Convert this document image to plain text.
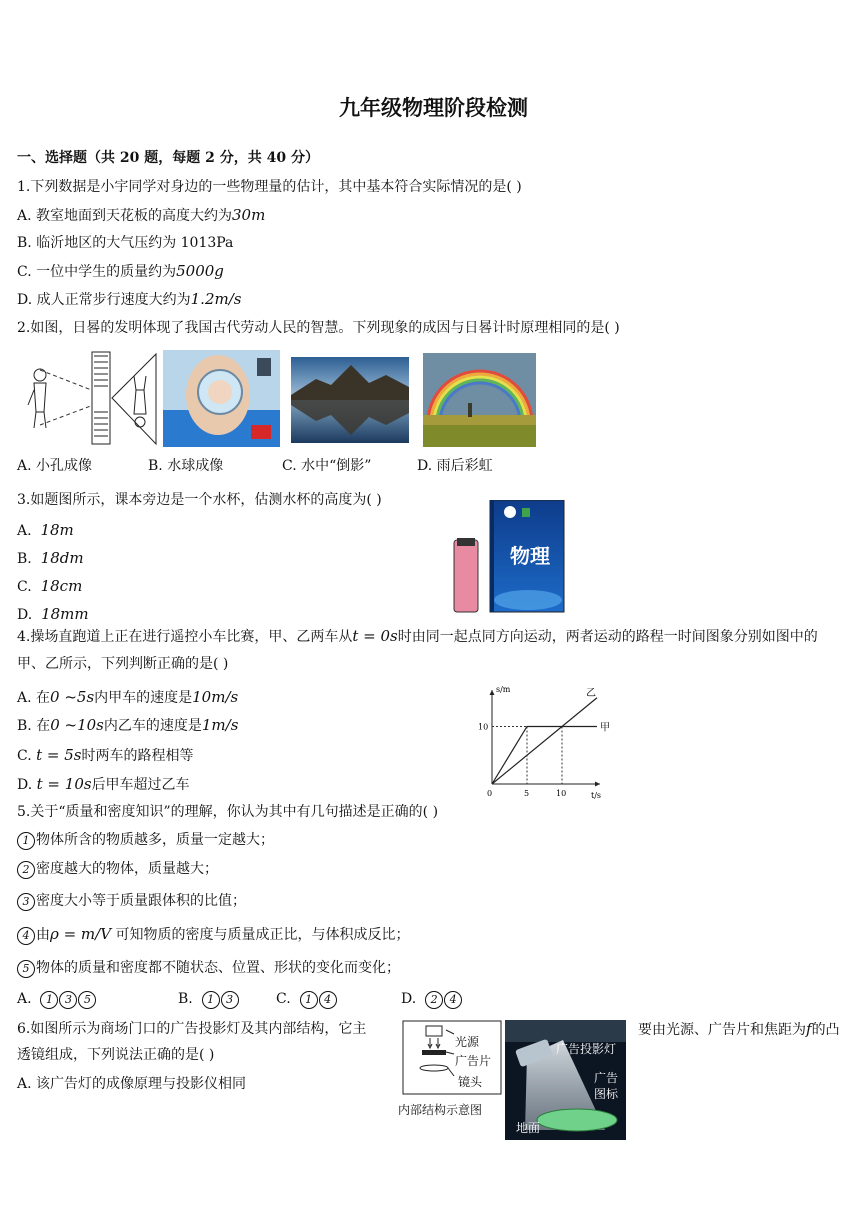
九年级物理阶段检测
一、选择题（共 20 题，每题 2 分，共 40 分）
1.下列数据是小宇同学对身边的一些物理量的估计，其中基本符合实际情况的是( )
A. 教室地面到天花板的高度大约为30m
B. 临沂地区的大气压约为 1013Pa
C. 一位中学生的质量约为5000g
D. 成人正常步行速度大约为1.2m/s
2.如图，日晷的发明体现了我国古代劳动人民的智慧。下列现象的成因与日晷计时原理相同的是( )
A. 小孔成像	B. 水球成像	C. 水中“倒影”	D. 雨后彩虹
3.如题图所示，课本旁边是一个水杯，估测水杯的高度为( )
A. 18m
B. 18dm
C. 18cm
D. 18mm
物理
4.操场直跑道上正在进行遥控小车比赛，甲、乙两车从t = 0s时由同一起点同方向运动，两者运动的路程一时间图象分别如图中的
甲、乙所示，下列判断正确的是( )
A. 在0 ~5s内甲车的速度是10m/s
B. 在0 ~10s内乙车的速度是1m/s
C. t = 5s时两车的路程相等
D. t = 10s后甲车超过乙车
甲
乙
0	5	10
10
t/s
s/m
5.关于“质量和密度知识”的理解，你认为其中有几句描述是正确的( )
1 物体所含的物质越多，质量一定越大；
2 密度越大的物体，质量越大；
3 密度大小等于质量跟体积的比值；
4 由ρ = m/V 可知物质的密度与质量成正比，与体积成反比；
5 物体的质量和密度都不随状态、位置、形状的变化而变化；
A. 1 3 5	B. 1 3	C. 1 4	D. 2 4
6.如图所示为商场门口的广告投影灯及其内部结构，它主	要由光源、广告片和焦距为f的凸
透镜组成，下列说法正确的是( )
A. 该广告灯的成像原理与投影仪相同
光源
广告片
镜头
内部结构示意图
广告投影灯
广告
图标
地面
